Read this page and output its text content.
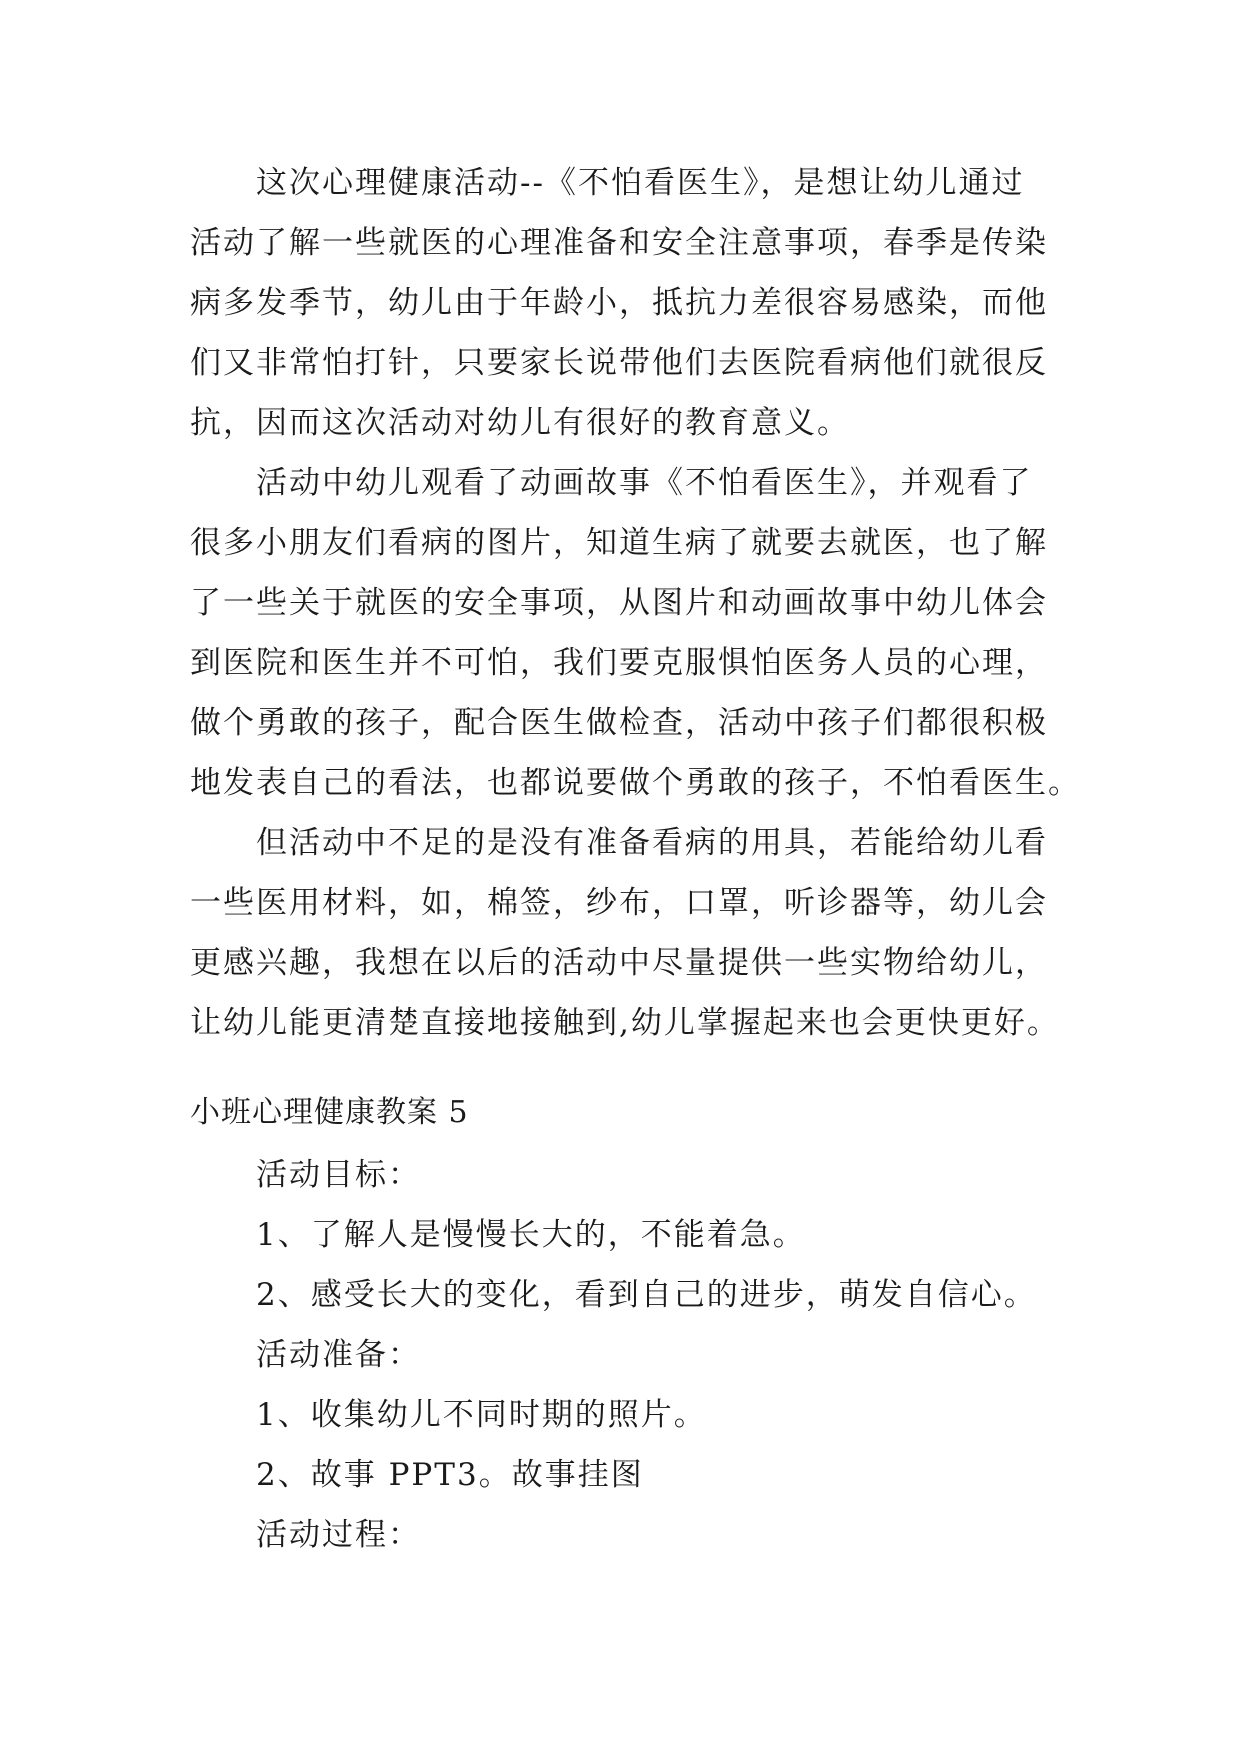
这次心理健康活动--《不怕看医生》，是想让幼儿通过
活动了解一些就医的心理准备和安全注意事项，春季是传染
病多发季节，幼儿由于年龄小，抵抗力差很容易感染，而他
们又非常怕打针，只要家长说带他们去医院看病他们就很反
抗，因而这次活动对幼儿有很好的教育意义。
活动中幼儿观看了动画故事《不怕看医生》，并观看了
很多小朋友们看病的图片，知道生病了就要去就医，也了解
了一些关于就医的安全事项，从图片和动画故事中幼儿体会
到医院和医生并不可怕，我们要克服惧怕医务人员的心理，
做个勇敢的孩子，配合医生做检查，活动中孩子们都很积极
地发表自己的看法，也都说要做个勇敢的孩子，不怕看医生。
但活动中不足的是没有准备看病的用具，若能给幼儿看
一些医用材料，如，棉签，纱布，口罩，听诊器等，幼儿会
更感兴趣，我想在以后的活动中尽量提供一些实物给幼儿，
让幼儿能更清楚直接地接触到,幼儿掌握起来也会更快更好。
小班心理健康教案 5
活动目标：
1、了解人是慢慢长大的，不能着急。
2、感受长大的变化，看到自己的进步，萌发自信心。
活动准备：
1、收集幼儿不同时期的照片。
2、故事 PPT3。故事挂图
活动过程：
